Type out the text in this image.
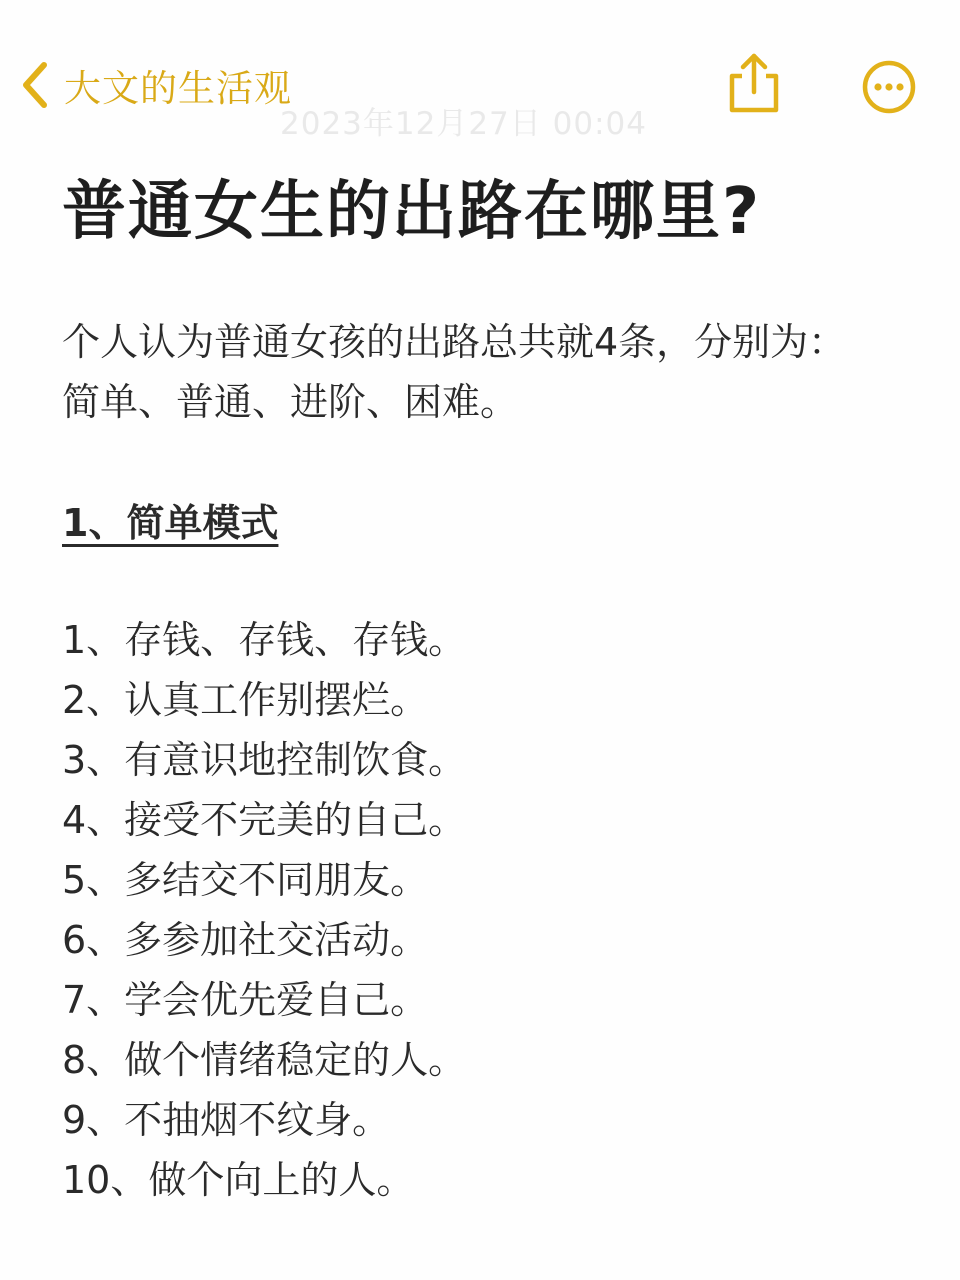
大文的生活观
2023年12月27日 00:04
普通女生的出路在哪里?

个人认为普通女孩的出路总共就4条，分别为：简单、普通、进阶、困难。

1、简单模式

1、存钱、存钱、存钱。
2、认真工作别摆烂。
3、有意识地控制饮食。
4、接受不完美的自己。
5、多结交不同朋友。
6、多参加社交活动。
7、学会优先爱自己。
8、做个情绪稳定的人。
9、不抽烟不纹身。
10、做个向上的人。
